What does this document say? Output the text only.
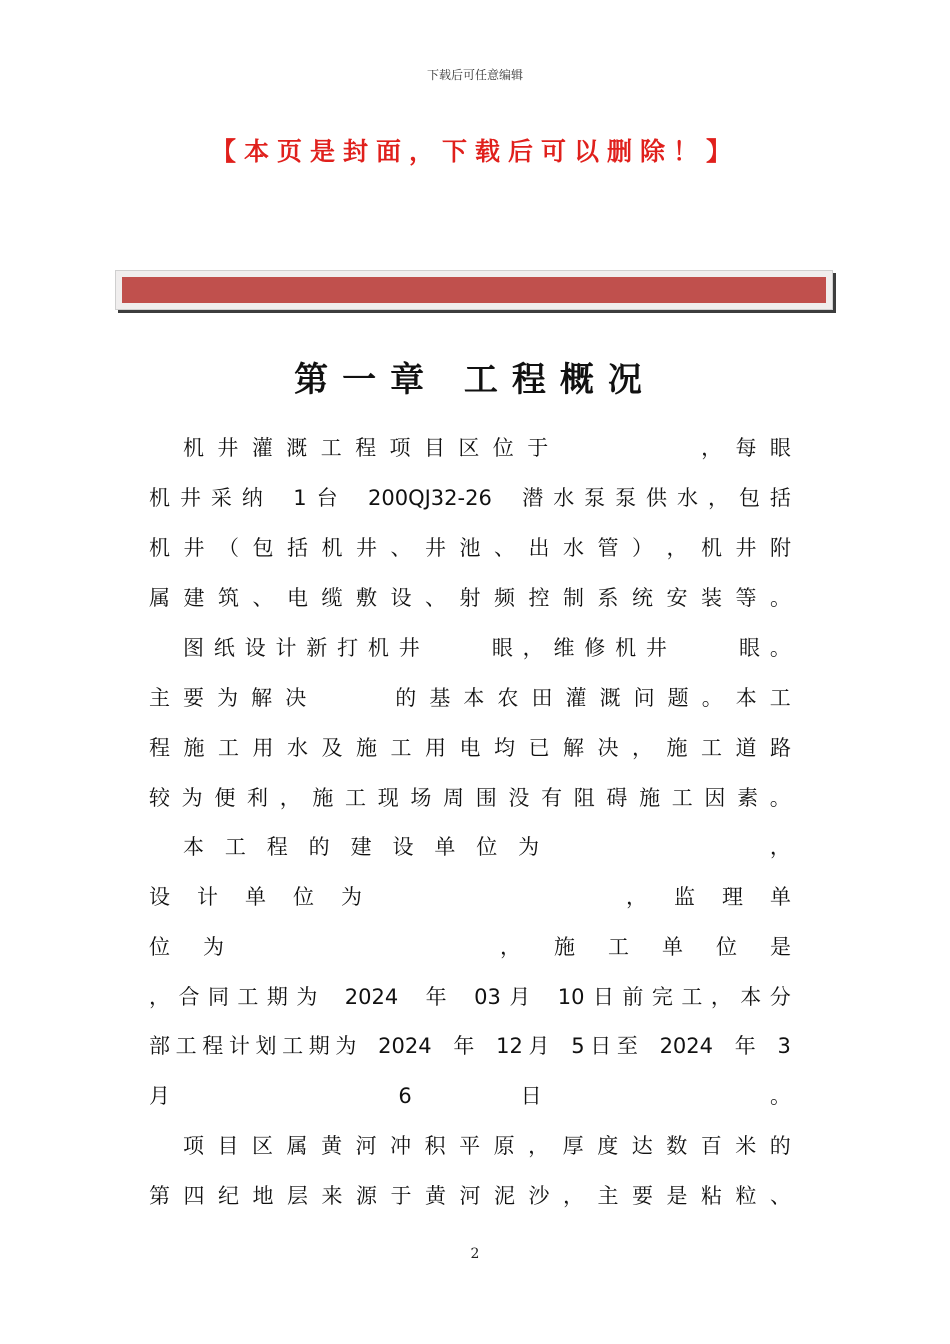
下载后可任意编辑
【本页是封面，下载后可以删除！】
第一章 工程概况
机 井 灌 溉 工 程 项 目 区 位 于
	， 每 眼
机 井 采 纳
1 台
200QJ32-26
潜 水 泵 泵 供 水 ， 包 括
机 井 （ 包 括 机 井 、 井 池 、 出 水 管 ） ， 机 井 附
属 建 筑 、 电 缆 敷 设 、 射 频 控 制 系 统 安 装 等 。
图 纸 设 计 新 打 机 井
	眼 ， 维 修 机 井
	眼 。
主 要 为 解 决
	的 基 本 农 田 灌 溉 问 题 。 本 工
程 施 工 用 水 及 施 工 用 电 均 已 解 决 ， 施 工 道 路
较 为 便 利 ， 施 工 现 场 周 围 没 有 阻 碍 施 工 因 素 。
本 工 程 的 建 设 单 位 为
	，
设 计 单 位 为
	， 监 理 单
位 为
	， 施 工 单 位 是
， 合 同 工 期 为
2024
年
03 月
10 日 前 完 工 ， 本 分
部 工 程 计 划 工 期 为
2024
年
12 月
5 日 至
2024
年
3
月
	6	日
	。
项 目 区 属 黄 河 冲 积 平 原 ， 厚 度 达 数 百 米 的
第 四 纪 地 层 来 源 于 黄 河 泥 沙 ， 主 要 是 粘 粒 、
2
